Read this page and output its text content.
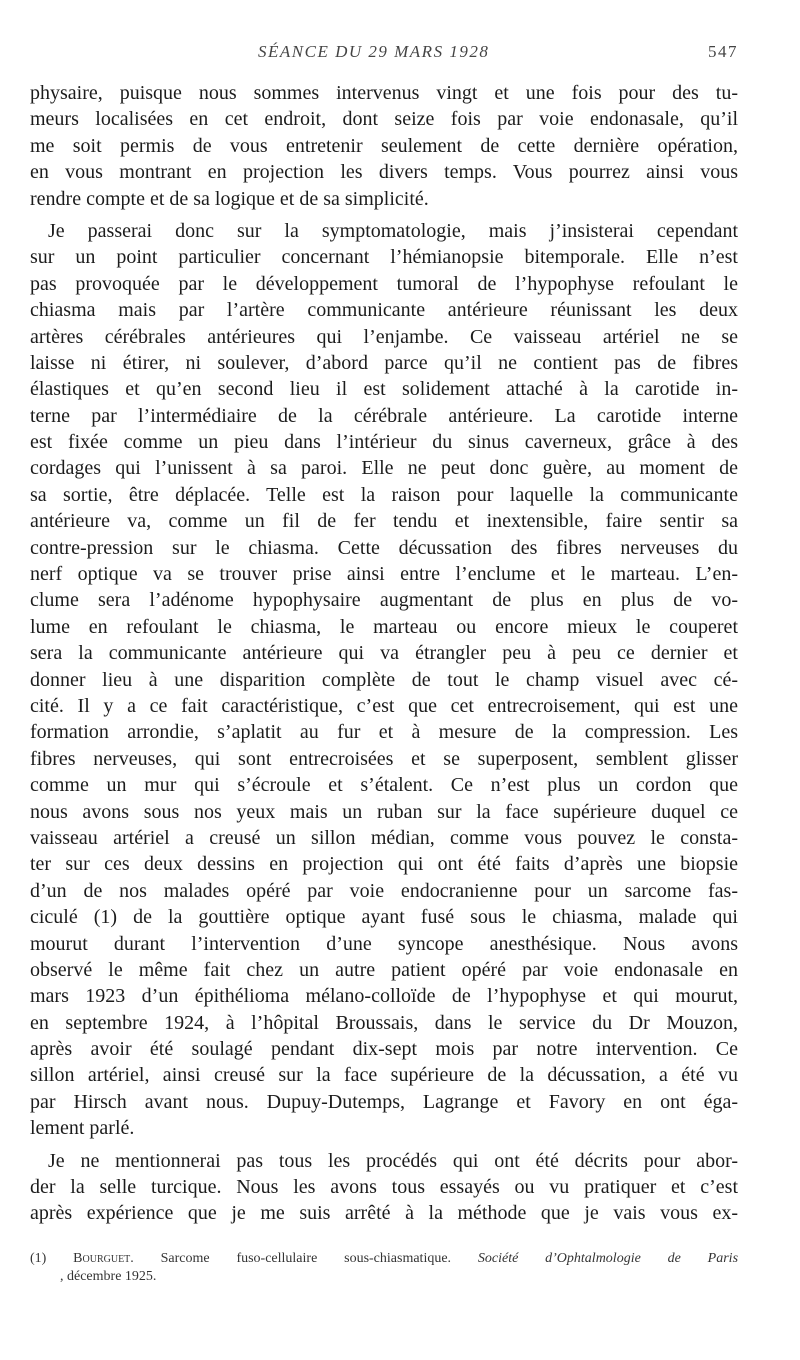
SÉANCE DU 29 MARS 1928	547
physaire, puisque nous sommes intervenus vingt et une fois pour des tu-
meurs localisées en cet endroit, dont seize fois par voie endonasale, qu’il
me soit permis de vous entretenir seulement de cette dernière opération,
en vous montrant en projection les divers temps. Vous pourrez ainsi vous
rendre compte et de sa logique et de sa simplicité.
Je passerai donc sur la symptomatologie, mais j’insisterai cependant
sur un point particulier concernant l’hémianopsie bitemporale. Elle n’est
pas provoquée par le développement tumoral de l’hypophyse refoulant le
chiasma mais par l’artère communicante antérieure réunissant les deux
artères cérébrales antérieures qui l’enjambe. Ce vaisseau artériel ne se
laisse ni étirer, ni soulever, d’abord parce qu’il ne contient pas de fibres
élastiques et qu’en second lieu il est solidement attaché à la carotide in-
terne par l’intermédiaire de la cérébrale antérieure. La carotide interne
est fixée comme un pieu dans l’intérieur du sinus caverneux, grâce à des
cordages qui l’unissent à sa paroi. Elle ne peut donc guère, au moment de
sa sortie, être déplacée. Telle est la raison pour laquelle la communicante
antérieure va, comme un fil de fer tendu et inextensible, faire sentir sa
contre-pression sur le chiasma. Cette décussation des fibres nerveuses du
nerf optique va se trouver prise ainsi entre l’enclume et le marteau. L’en-
clume sera l’adénome hypophysaire augmentant de plus en plus de vo-
lume en refoulant le chiasma, le marteau ou encore mieux le couperet
sera la communicante antérieure qui va étrangler peu à peu ce dernier et
donner lieu à une disparition complète de tout le champ visuel avec cé-
cité. Il y a ce fait caractéristique, c’est que cet entrecroisement, qui est une
formation arrondie, s’aplatit au fur et à mesure de la compression. Les
fibres nerveuses, qui sont entrecroisées et se superposent, semblent glisser
comme un mur qui s’écroule et s’étalent. Ce n’est plus un cordon que
nous avons sous nos yeux mais un ruban sur la face supérieure duquel ce
vaisseau artériel a creusé un sillon médian, comme vous pouvez le consta-
ter sur ces deux dessins en projection qui ont été faits d’après une biopsie
d’un de nos malades opéré par voie endocranienne pour un sarcome fas-
ciculé (1) de la gouttière optique ayant fusé sous le chiasma, malade qui
mourut durant l’intervention d’une syncope anesthésique. Nous avons
observé le même fait chez un autre patient opéré par voie endonasale en
mars 1923 d’un épithélioma mélano-colloïde de l’hypophyse et qui mourut,
en septembre 1924, à l’hôpital Broussais, dans le service du Dr Mouzon,
après avoir été soulagé pendant dix-sept mois par notre intervention. Ce
sillon artériel, ainsi creusé sur la face supérieure de la décussation, a été vu
par Hirsch avant nous. Dupuy-Dutemps, Lagrange et Favory en ont éga-
lement parlé.
Je ne mentionnerai pas tous les procédés qui ont été décrits pour abor-
der la selle turcique. Nous les avons tous essayés ou vu pratiquer et c’est
après expérience que je me suis arrêté à la méthode que je vais vous ex-
(1) Bourguet. Sarcome fuso-cellulaire sous-chiasmatique. Société d’Ophtalmologie de Paris
, décembre 1925.
